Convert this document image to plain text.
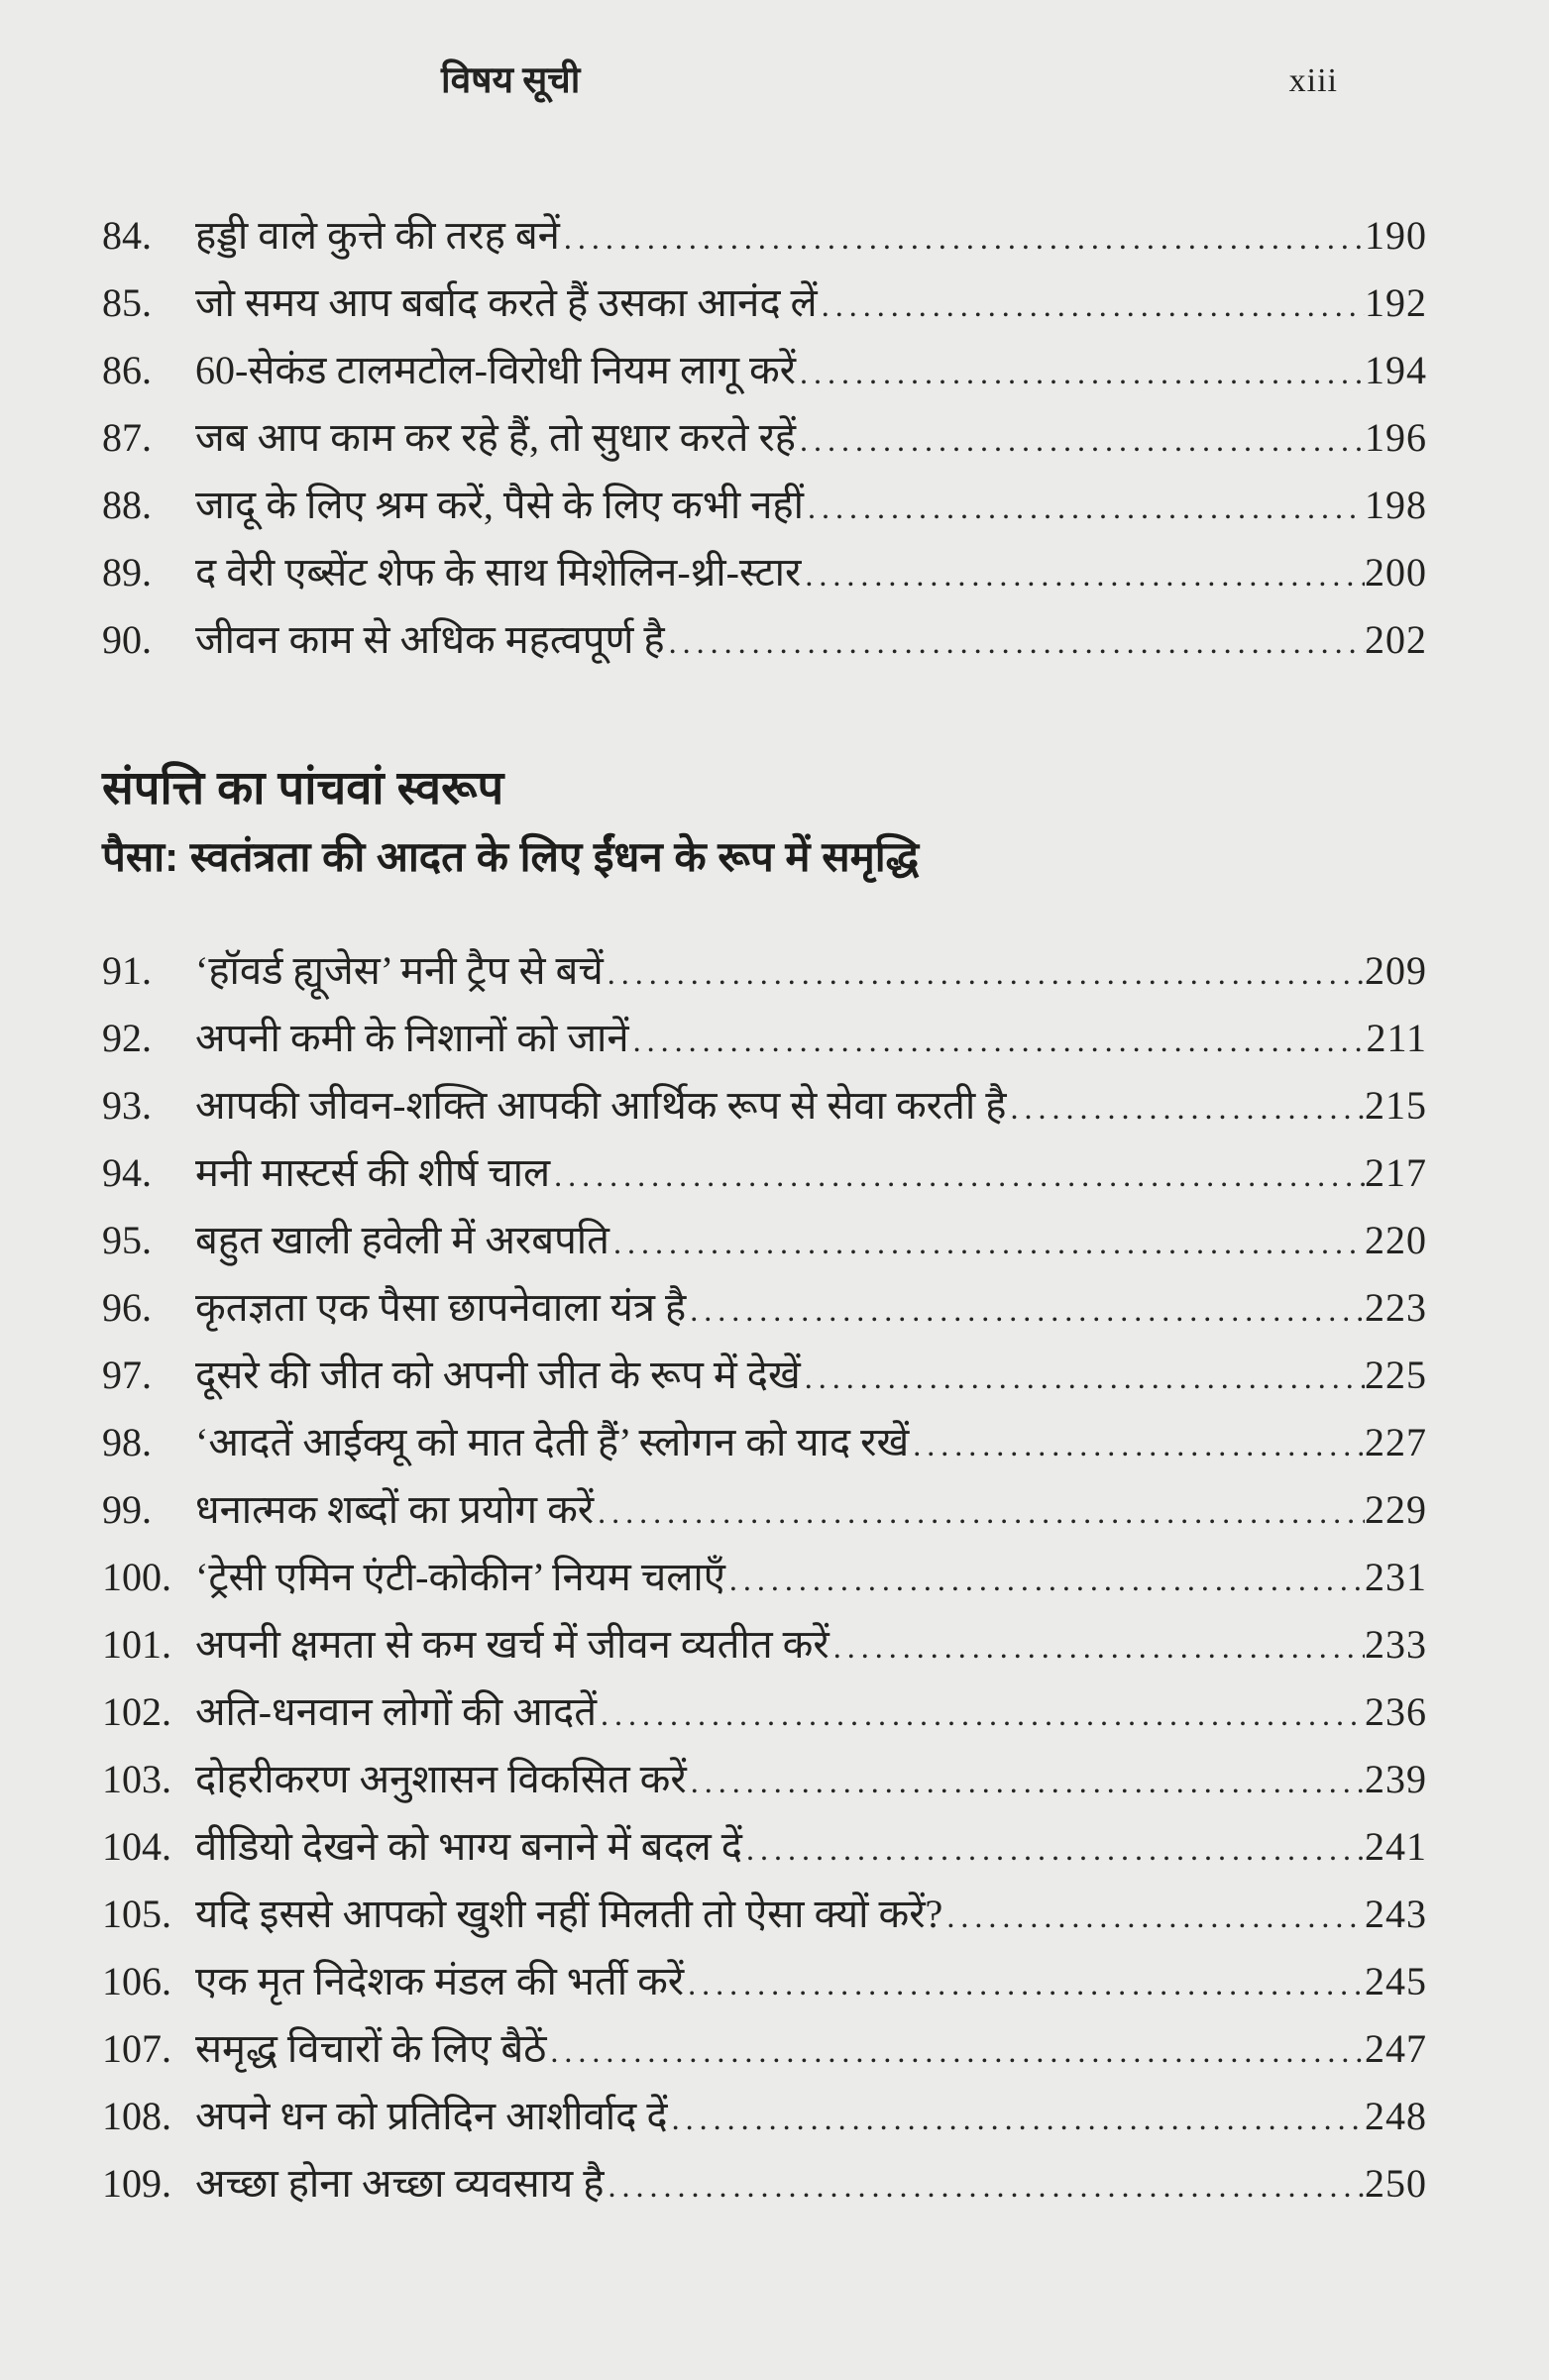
विषय सूची	xiii
84.	हड्डी वाले कुत्ते की तरह बनें .....	190
85.	जो समय आप बर्बाद करते हैं उसका आनंद लें .....	192
86.	60-सेकंड टालमटोल-विरोधी नियम लागू करें .....	194
87.	जब आप काम कर रहे हैं, तो सुधार करते रहें .....	196
88.	जादू के लिए श्रम करें, पैसे के लिए कभी नहीं .....	198
89.	द वेरी एब्सेंट शेफ के साथ मिशेलिन-थ्री-स्टार .....	200
90.	जीवन काम से अधिक महत्वपूर्ण है .....	202
संपत्ति का पांचवां स्वरूप
पैसा: स्वतंत्रता की आदत के लिए ईंधन के रूप में समृद्धि
91.	‘हॉवर्ड ह्यूजेस’ मनी ट्रैप से बचें .....	209
92.	अपनी कमी के निशानों को जानें .....	211
93.	आपकी जीवन-शक्ति आपकी आर्थिक रूप से सेवा करती है .....	215
94.	मनी मास्टर्स की शीर्ष चाल .....	217
95.	बहुत खाली हवेली में अरबपति .....	220
96.	कृतज्ञता एक पैसा छापनेवाला यंत्र है .....	223
97.	दूसरे की जीत को अपनी जीत के रूप में देखें .....	225
98.	‘आदतें आईक्यू को मात देती हैं’ स्लोगन को याद रखें .....	227
99.	धनात्मक शब्दों का प्रयोग करें .....	229
100. ‘ट्रेसी एमिन एंटी-कोकीन’ नियम चलाएँ .....	231
101. अपनी क्षमता से कम खर्च में जीवन व्यतीत करें .....	233
102. अति-धनवान लोगों की आदतें .....	236
103. दोहरीकरण अनुशासन विकसित करें .....	239
104. वीडियो देखने को भाग्य बनाने में बदल दें .....	241
105. यदि इससे आपको खुशी नहीं मिलती तो ऐसा क्यों करें? .....	243
106. एक मृत निदेशक मंडल की भर्ती करें .....	245
107. समृद्ध विचारों के लिए बैठें .....	247
108. अपने धन को प्रतिदिन आशीर्वाद दें .....	248
109. अच्छा होना अच्छा व्यवसाय है .....	250
